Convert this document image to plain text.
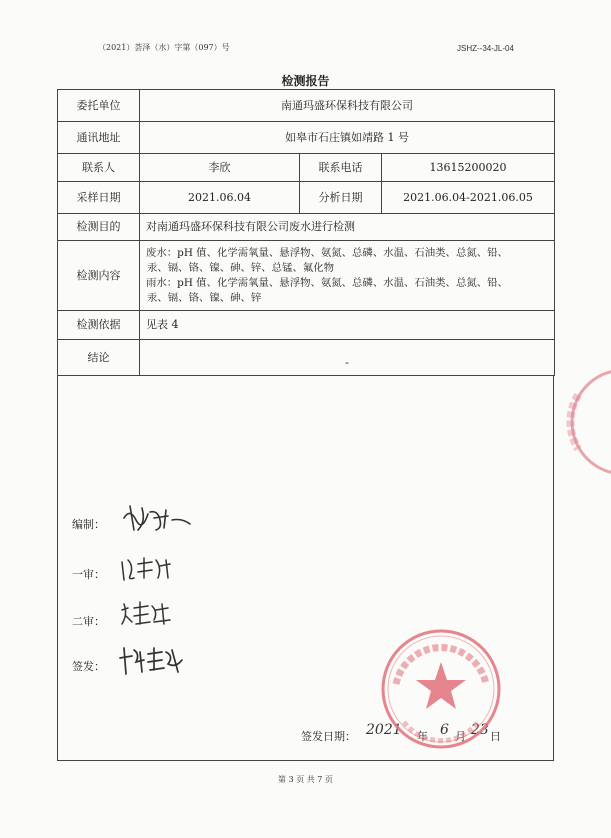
（2021）荟泽（水）字第（097）号	JSHZ--34-JL-04
检测报告
委托单位	南通玛盛环保科技有限公司		
通讯地址	如皋市石庄镇如靖路 1 号		
联系人	李欣	联系电话	13615200020
采样日期	2021.06.04	分析日期	2021.06.04-2021.06.05
检测目的	对南通玛盛环保科技有限公司废水进行检测		
检测内容	废水：pH 值、化学需氧量、悬浮物、氨氮、总磷、水温、石油类、总氮、铅、
汞、镉、铬、镍、砷、锌、总锰、氟化物
雨水：pH 值、化学需氧量、悬浮物、氨氮、总磷、水温、石油类、总氮、铅、
汞、镉、铬、镍、砷、锌		

检测依据	见表 4		
结论	-		
编制：
一审：
二审：
签发：
签发日期： 2021 年 6 月 23 日
第 3 页 共 7 页
